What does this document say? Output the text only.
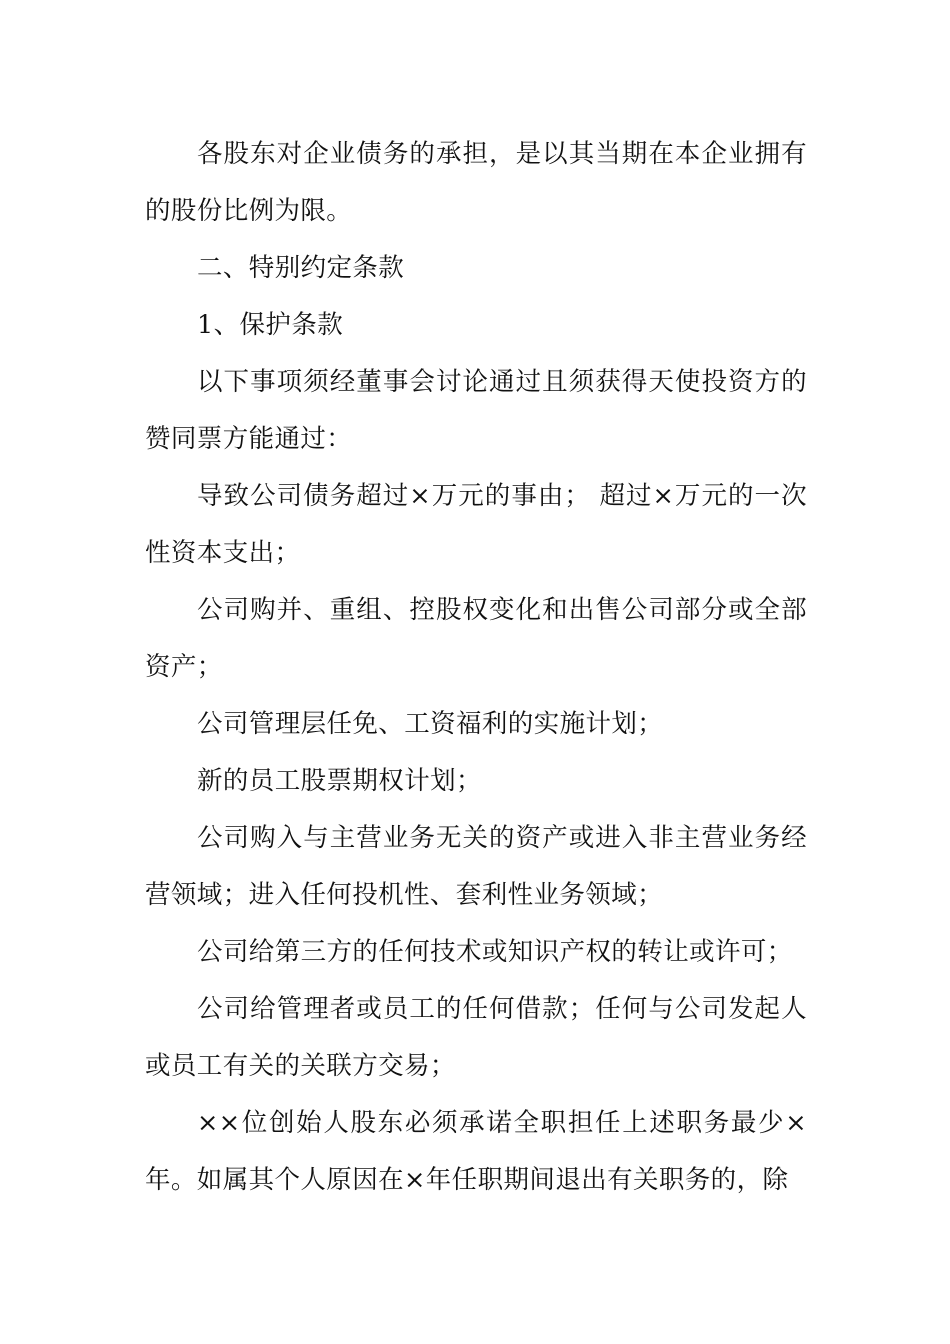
各股东对企业债务的承担，是以其当期在本企业拥有的股份比例为限。

二、特别约定条款

1、保护条款

以下事项须经董事会讨论通过且须获得天使投资方的赞同票方能通过：

导致公司债务超过×万元的事由； 超过×万元的一次性资本支出；

公司购并、重组、控股权变化和出售公司部分或全部资产；

公司管理层任免、工资福利的实施计划；

新的员工股票期权计划；

公司购入与主营业务无关的资产或进入非主营业务经营领域；进入任何投机性、套利性业务领域；

公司给第三方的任何技术或知识产权的转让或许可；

公司给管理者或员工的任何借款；任何与公司发起人或员工有关的关联方交易；

××位创始人股东必须承诺全职担任上述职务最少×年。如属其个人原因在×年任职期间退出有关职务的，除
